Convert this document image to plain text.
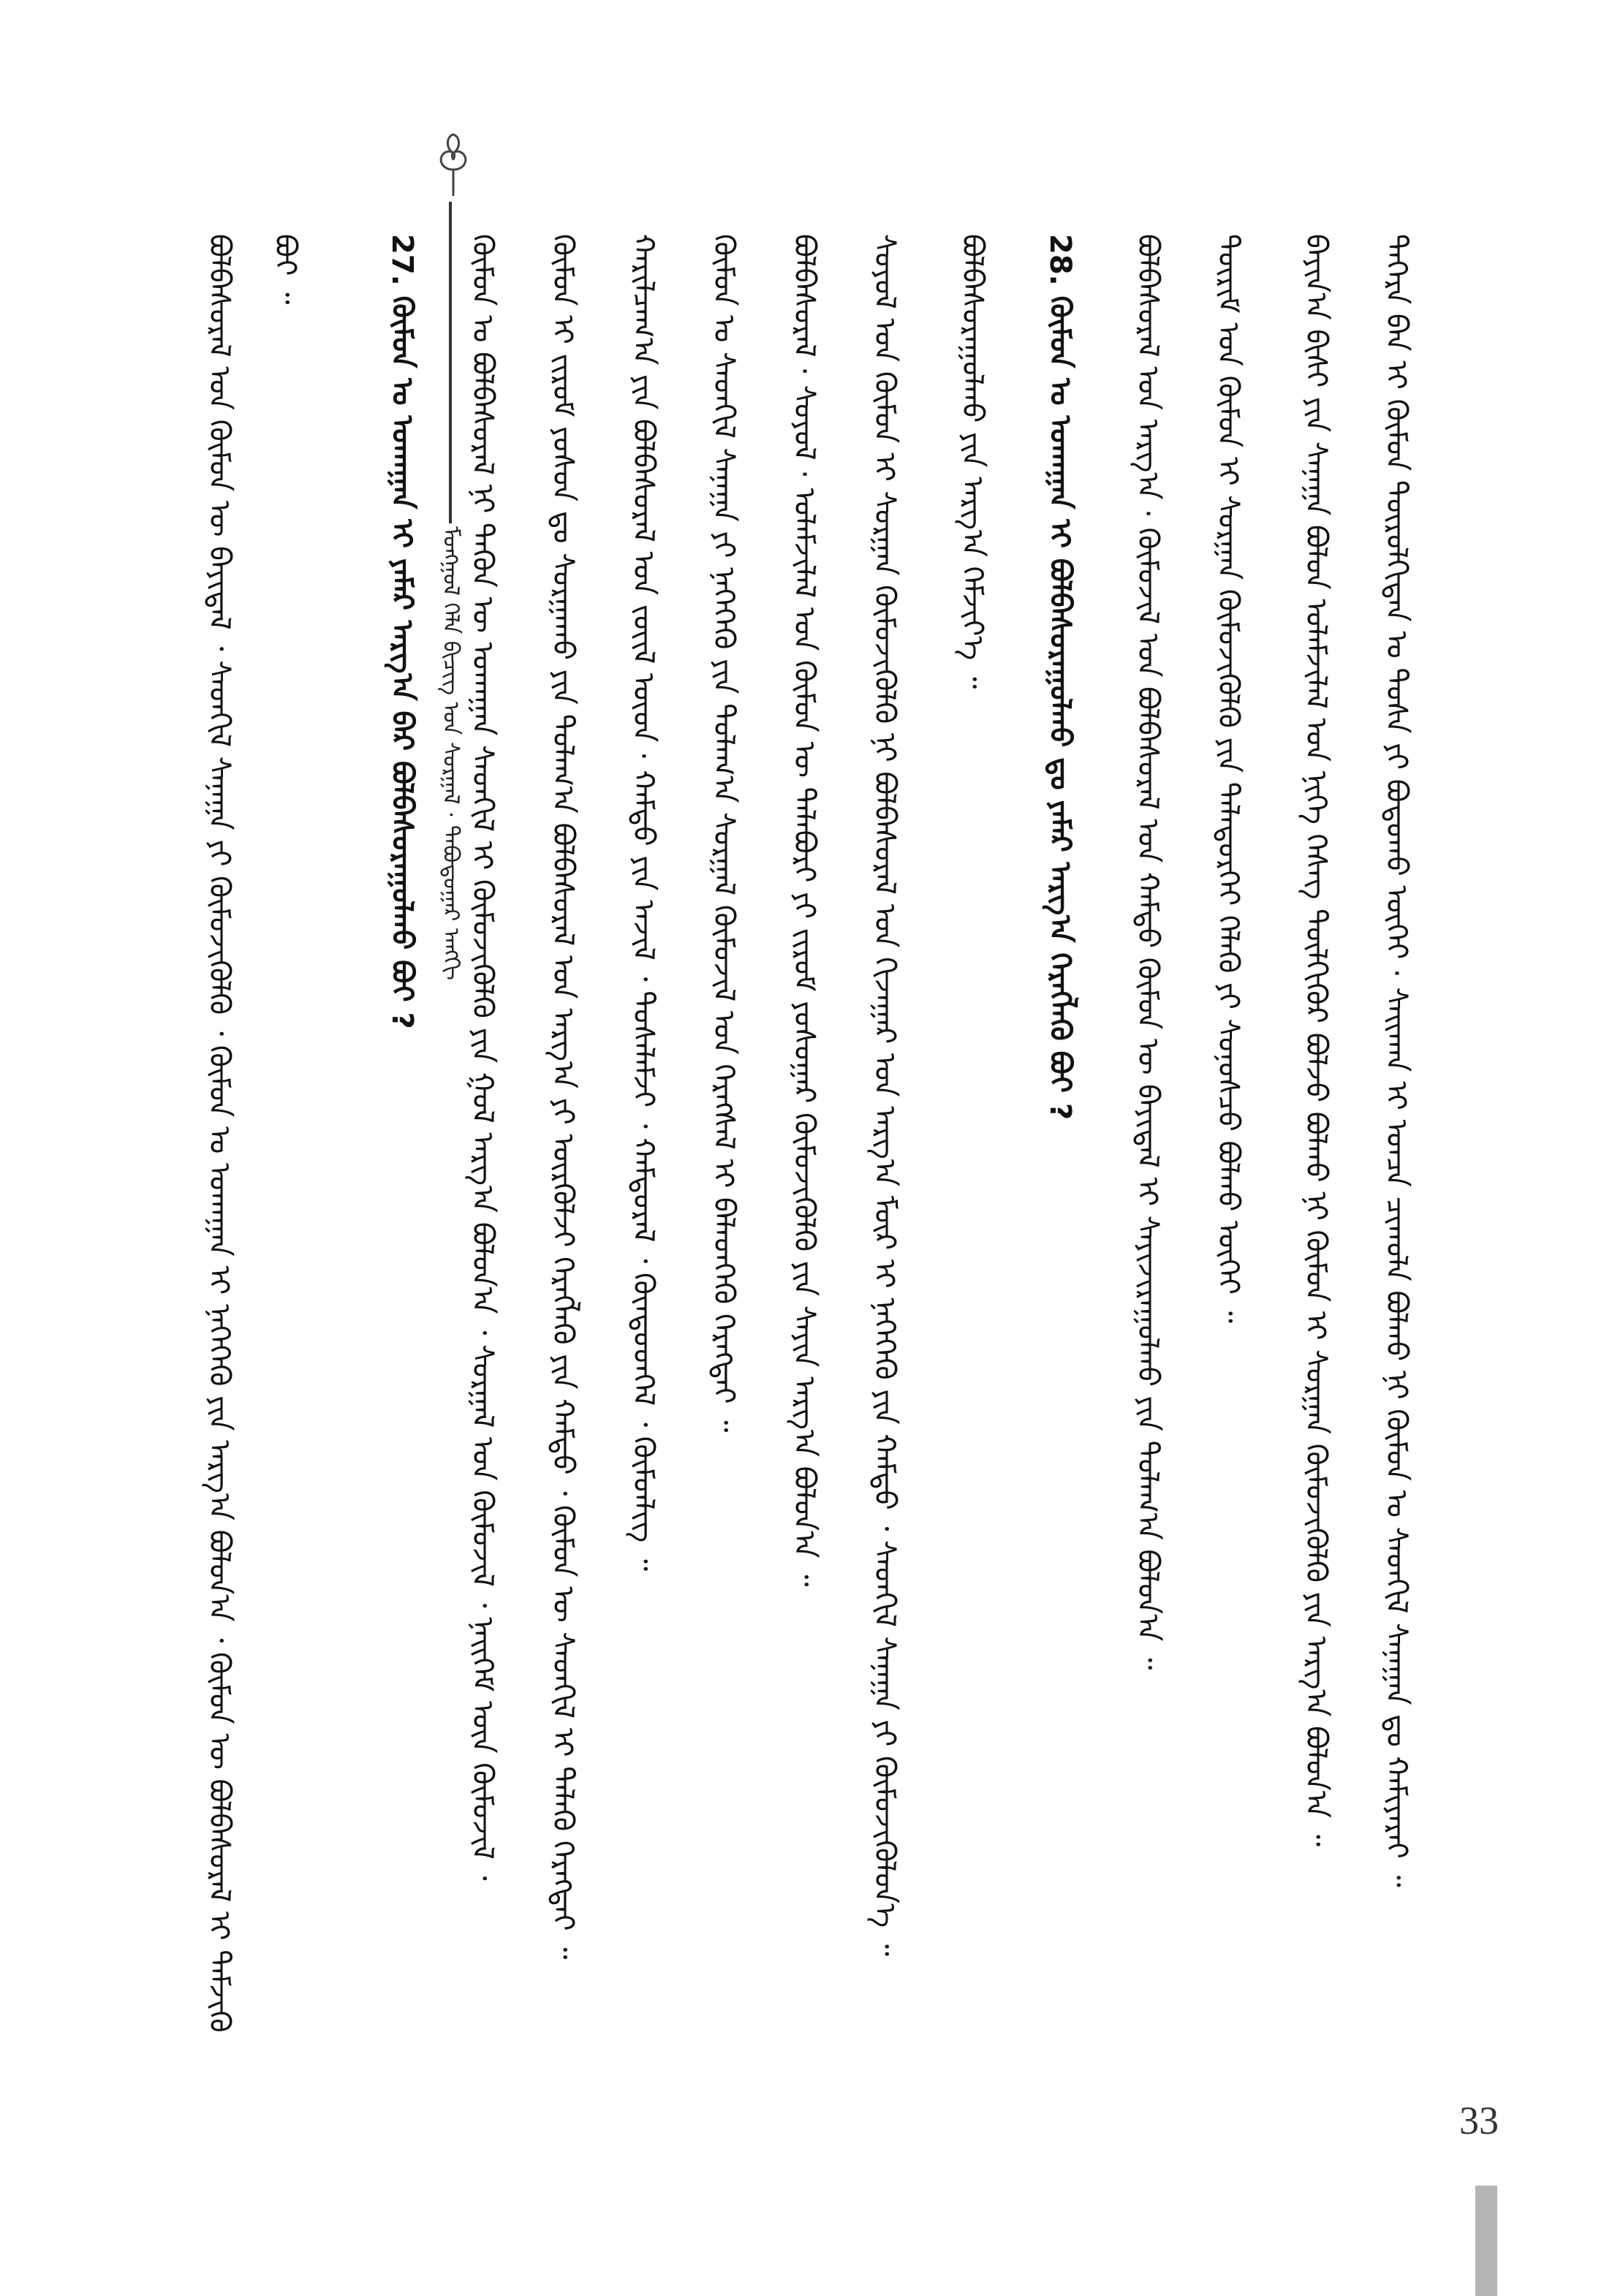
ᠮᠣᠩᠭᠣᠯ ᠬᠡᠯᠡ ᠪᠢᠴᠢᠭ ᠤᠨ ᠰᠤᠷᠭᠠᠯ · ᠲᠠᠪᠤᠳᠤᠭᠠᠷ ᠠᠩᠭᠢ	ᠳᠡᠭᠡᠷᠡ ᠪᠠᠨ ᠢ ᠬᠦᠮᠦᠨ ᠲᠦᠷᠦᠯᠬᠢᠲᠡᠨ ᠤ ᠲᠤᠰᠠ ᠶᠢ ᠪᠣᠳᠤᠬᠤ ᠦᠭᠡᠢ · ᠰᠠᠢᠬᠠᠨ ᠢ ᠤᠨᠴᠠ ᠴᠢᠬᠤᠯᠠ ᠪᠣᠯᠬᠤ ᠨᠢ ᠬᠦᠮᠦᠨ ᠤ ᠰᠡᠳᠬᠢᠯ ᠰᠠᠨᠠᠭᠠᠨ ᠳᠤ ᠬᠠᠮᠢᠶᠠᠷᠠᠢ ᠃
ᠪᠠᠶᠢᠨ᠎ᠠ ᠪᠢᠰᠢ ᠶᠢᠨ ᠰᠠᠨᠠᠭᠠ ᠪᠤᠯᠤᠨ ᠤᠯᠠᠮᠵᠢᠯᠠᠯ ᠤᠨ ᠨᠢᠭᠡ ᠬᠡᠰᠡᠭ ᠲᠦᠯᠬᠢᠭᠦᠷ ᠪᠣᠯᠵᠤ ᠪᠣᠯᠬᠤ ᠨᠢ ᠬᠦᠮᠦᠨ ᠢ ᠰᠤᠷᠭᠠᠨ ᠬᠦᠮᠦᠵᠢᠭᠦᠯᠬᠦ ᠶᠢᠨ ᠠᠷᠭ᠎ᠠ ᠪᠣᠯᠤᠨ᠎ᠠ ᠃
ᠳᠦᠷᠢᠮ ᠤᠨ ᠬᠦᠮᠦᠨ ᠢ ᠰᠤᠷᠭᠠᠨ ᠬᠦᠮᠦᠵᠢᠭᠦᠯᠬᠦ ᠶᠢᠨ ᠲᠡᠯᠡᠳᠦᠷᠬᠡᠢ ᠬᠡᠯᠡᠬᠦ ᠶᠢ ᠰᠣᠨᠣᠰᠴᠤ ᠪᠣᠯᠬᠤ ᠦᠭᠡᠢ ᠃
ᠪᠣᠯᠪᠠᠰᠤᠷᠠᠯ ᠤᠨ ᠠᠷᠭ᠎ᠠ · ᠬᠦᠮᠦᠵᠢᠯ ᠤᠨ ᠪᠣᠯᠪᠠᠰᠤᠷᠠᠯ ᠤᠨ ᠬᠠᠮᠲᠤ ᠬᠦᠮᠦᠨ ᠦ ᠪᠠᠶᠢᠳᠠᠯ ᠢ ᠰᠠᠶᠢᠵᠢᠷᠠᠭᠤᠯᠬᠤ ᠶᠢᠨ ᠲᠤᠯᠠᠭ᠎ᠠ ᠪᠣᠯᠤᠨ᠎ᠠ ᠃
28. ᠬᠦᠮᠦᠨ ᠤ ᠤᠬᠠᠭᠠᠨ ᠢ ᠪᠣᠯᠪᠠᠰᠤᠷᠠᠭᠤᠯᠬᠤ ᠳᠤ ᠶᠠᠮᠠᠷ ᠠᠷᠭ᠎ᠠ ᠬᠡᠷᠡᠭᠯᠡᠬᠦ ᠪᠤᠢ ?
ᠪᠣᠯᠪᠠᠰᠤᠷᠠᠭᠤᠯᠬᠤ ᠶᠢᠨ ᠠᠷᠭ᠎ᠠ ᠬᠡᠮᠵᠢᠶ᠎ᠡ ᠃
ᠰᠣᠶᠣᠯ ᠤᠨ ᠬᠦᠮᠦᠨ ᠢ ᠰᠤᠷᠭᠠᠨ ᠬᠦᠮᠦᠵᠢᠭᠦᠯᠬᠦ ᠨᠢ ᠪᠣᠯᠪᠠᠰᠤᠷᠠᠯ ᠤᠨ ᠬᠢᠵᠠᠭᠠᠷ ᠤᠨ ᠠᠷᠭ᠎ᠠ ᠮᠥᠷ ᠢ ᠨᠡᠭᠡᠭᠡᠬᠦ ᠶᠢᠨ ᠬᠠᠮᠲᠤ ᠂ ᠰᠡᠳᠬᠢᠯ ᠰᠠᠨᠠᠭᠠ ᠶᠢ ᠬᠦᠮᠦᠵᠢᠭᠦᠯᠦᠨ᠎ᠡ ᠃
ᠪᠣᠯᠪᠠᠰᠤᠷᠠᠯ · ᠰᠣᠶᠣᠯ · ᠤᠯᠠᠮᠵᠢᠯᠠᠯ ᠤᠨ ᠬᠦᠮᠦᠨ ᠦ ᠲᠠᠯᠠᠪᠤᠷᠢ ᠶᠢ ᠵᠢᠷᠤᠮ ᠶᠣᠰᠤᠭᠠᠷ ᠬᠦᠮᠦᠵᠢᠭᠦᠯᠬᠦ ᠶᠢᠨ ᠰᠠᠶᠢᠨ ᠠᠷᠭ᠎ᠠ ᠪᠣᠯᠤᠨ᠎ᠠ ᠃
ᠬᠦᠮᠦᠨ ᠤ ᠰᠡᠳᠬᠢᠯ ᠰᠠᠨᠠᠭᠠ ᠶᠢ ᠨᠡᠭᠡᠭᠡᠬᠦ ᠶᠢᠨ ᠲᠤᠯᠠᠭ᠎ᠠ ᠰᠤᠷᠭᠠᠯ ᠬᠦᠮᠦᠵᠢᠯ ᠤᠨ ᠬᠡᠷᠡᠭᠰᠡᠯ ᠢ ᠪᠡᠯᠡᠳᠬᠡᠬᠦ ᠬᠡᠷᠡᠭᠲᠡᠢ ᠃
ᠬᠠᠷᠢᠯᠴᠠᠭ᠎ᠠ ᠶᠢᠨ ᠪᠣᠯᠪᠠᠰᠤᠷᠠᠯ ᠤᠨ ᠵᠦᠢᠯ ᠦᠳ · ᠬᠠᠮᠲᠤ ᠶᠢᠨ ᠠᠵᠢᠯ ᠂ ᠲᠤᠰᠠᠯᠠᠮᠵᠢ ᠂ ᠬᠠᠮᠲᠤᠷᠠᠯ ᠂ ᠬᠦᠨᠳᠦᠳᠬᠡᠯ ᠂ ᠬᠦᠮᠦᠨᠯᠢᠭ ᠃
ᠬᠦᠮᠦᠨ ᠢ ᠵᠢᠷᠤᠮ ᠶᠣᠰᠤᠨ ᠳᠤ ᠰᠤᠷᠭᠠᠬᠤ ᠶᠢᠨ ᠲᠤᠯᠠᠭ᠎ᠠ ᠪᠣᠯᠪᠠᠰᠤᠷᠠᠯ ᠤᠨ ᠠᠷᠭ᠎ᠠ ᠶᠢ ᠦᠷᠭᠦᠯᠵᠢ ᠬᠡᠷᠡᠭᠯᠡᠬᠦ ᠶᠢᠨ ᠬᠠᠮᠲᠤ ᠂ ᠬᠦᠮᠦᠨ ᠦ ᠰᠡᠳᠬᠢᠯ ᠢ ᠲᠡᠯᠡᠬᠦ ᠬᠡᠷᠡᠭᠲᠡᠢ ᠃
ᠬᠦᠮᠦᠨ ᠤ ᠪᠣᠯᠪᠠᠰᠤᠷᠠᠯ ᠨᠢ ᠲᠡᠭᠦᠨ ᠦ ᠤᠬᠠᠭᠠᠨ ᠰᠡᠳᠬᠢᠯ ᠢ ᠬᠦᠮᠦᠵᠢᠭᠦᠯᠬᠦ ᠶᠢᠨ ᠭᠣᠯ ᠠᠷᠭ᠎ᠠ ᠪᠣᠯᠤᠨ᠎ᠠ ᠂ ᠰᠤᠷᠭᠠᠯ ᠤᠨ ᠬᠦᠮᠦᠵᠢᠯ ᠂ ᠨᠡᠢᠭᠡᠮ ᠦᠨ ᠬᠦᠮᠦᠵᠢᠯ ᠂
27. ᠬᠦᠮᠦᠨ ᠤ ᠤᠬᠠᠭᠠᠨ ᠢ ᠶᠠᠮᠠᠷ ᠠᠷᠭ᠎ᠠ ᠪᠡᠷ ᠪᠣᠯᠪᠠᠰᠤᠷᠠᠭᠤᠯᠬᠤ ᠪᠤᠢ ?
ᠪᠤᠢ ᠃
ᠪᠣᠯᠪᠠᠰᠤᠷᠠᠯ ᠤᠨ ᠬᠦᠮᠦᠨ ᠦ ᠪᠠᠶᠢᠳᠠᠯ ᠂ ᠰᠡᠳᠬᠢᠯ ᠰᠠᠨᠠᠭᠠ ᠶᠢ ᠬᠦᠮᠦᠵᠢᠭᠦᠯᠬᠦ ᠂ ᠬᠦᠮᠦᠨ ᠤ ᠤᠬᠠᠭᠠᠨ ᠢ ᠨᠡᠭᠡᠭᠡᠬᠦ ᠶᠢᠨ ᠠᠷᠭ᠎ᠠ ᠪᠣᠯᠤᠨ᠎ᠠ ᠂ ᠬᠦᠮᠦᠨ ᠦ ᠪᠣᠯᠪᠠᠰᠤᠷᠠᠯ ᠢ ᠳᠡᠮᠵᠢᠬᠦ
33
